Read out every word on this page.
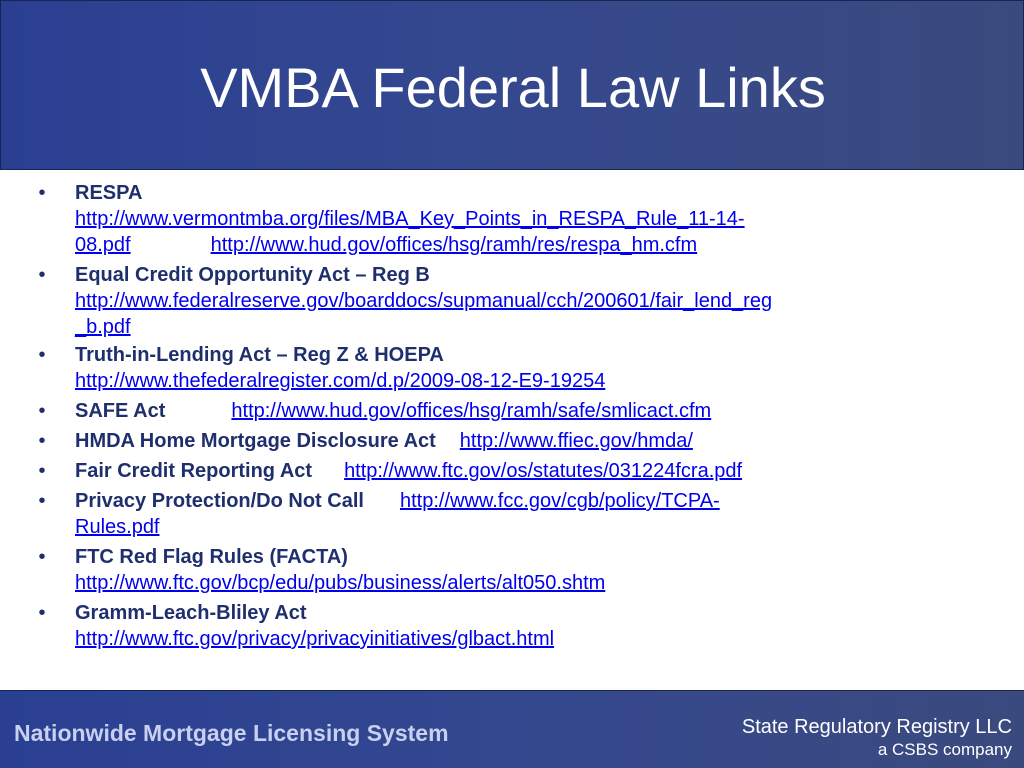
VMBA Federal Law Links
•	RESPA
http://www.vermontmba.org/files/MBA_Key_Points_in_RESPA_Rule_11-14-
08.pdf	http://www.hud.gov/offices/hsg/ramh/res/respa_hm.cfm
•	Equal Credit Opportunity Act – Reg B
http://www.federalreserve.gov/boarddocs/supmanual/cch/200601/fair_lend_reg
_b.pdf
•	Truth-in-Lending Act – Reg Z & HOEPA
http://www.thefederalregister.com/d.p/2009-08-12-E9-19254
•	SAFE Act	http://www.hud.gov/offices/hsg/ramh/safe/smlicact.cfm
•	HMDA Home Mortgage Disclosure Act http://www.ffiec.gov/hmda/
•	Fair Credit Reporting Act http://www.ftc.gov/os/statutes/031224fcra.pdf
•	Privacy Protection/Do Not Call http://www.fcc.gov/cgb/policy/TCPA-
Rules.pdf
•	FTC Red Flag Rules (FACTA)
http://www.ftc.gov/bcp/edu/pubs/business/alerts/alt050.shtm
•	Gramm-Leach-Bliley Act
http://www.ftc.gov/privacy/privacyinitiatives/glbact.html
Nationwide Mortgage Licensing System	State Regulatory Registry LLC
a CSBS company
